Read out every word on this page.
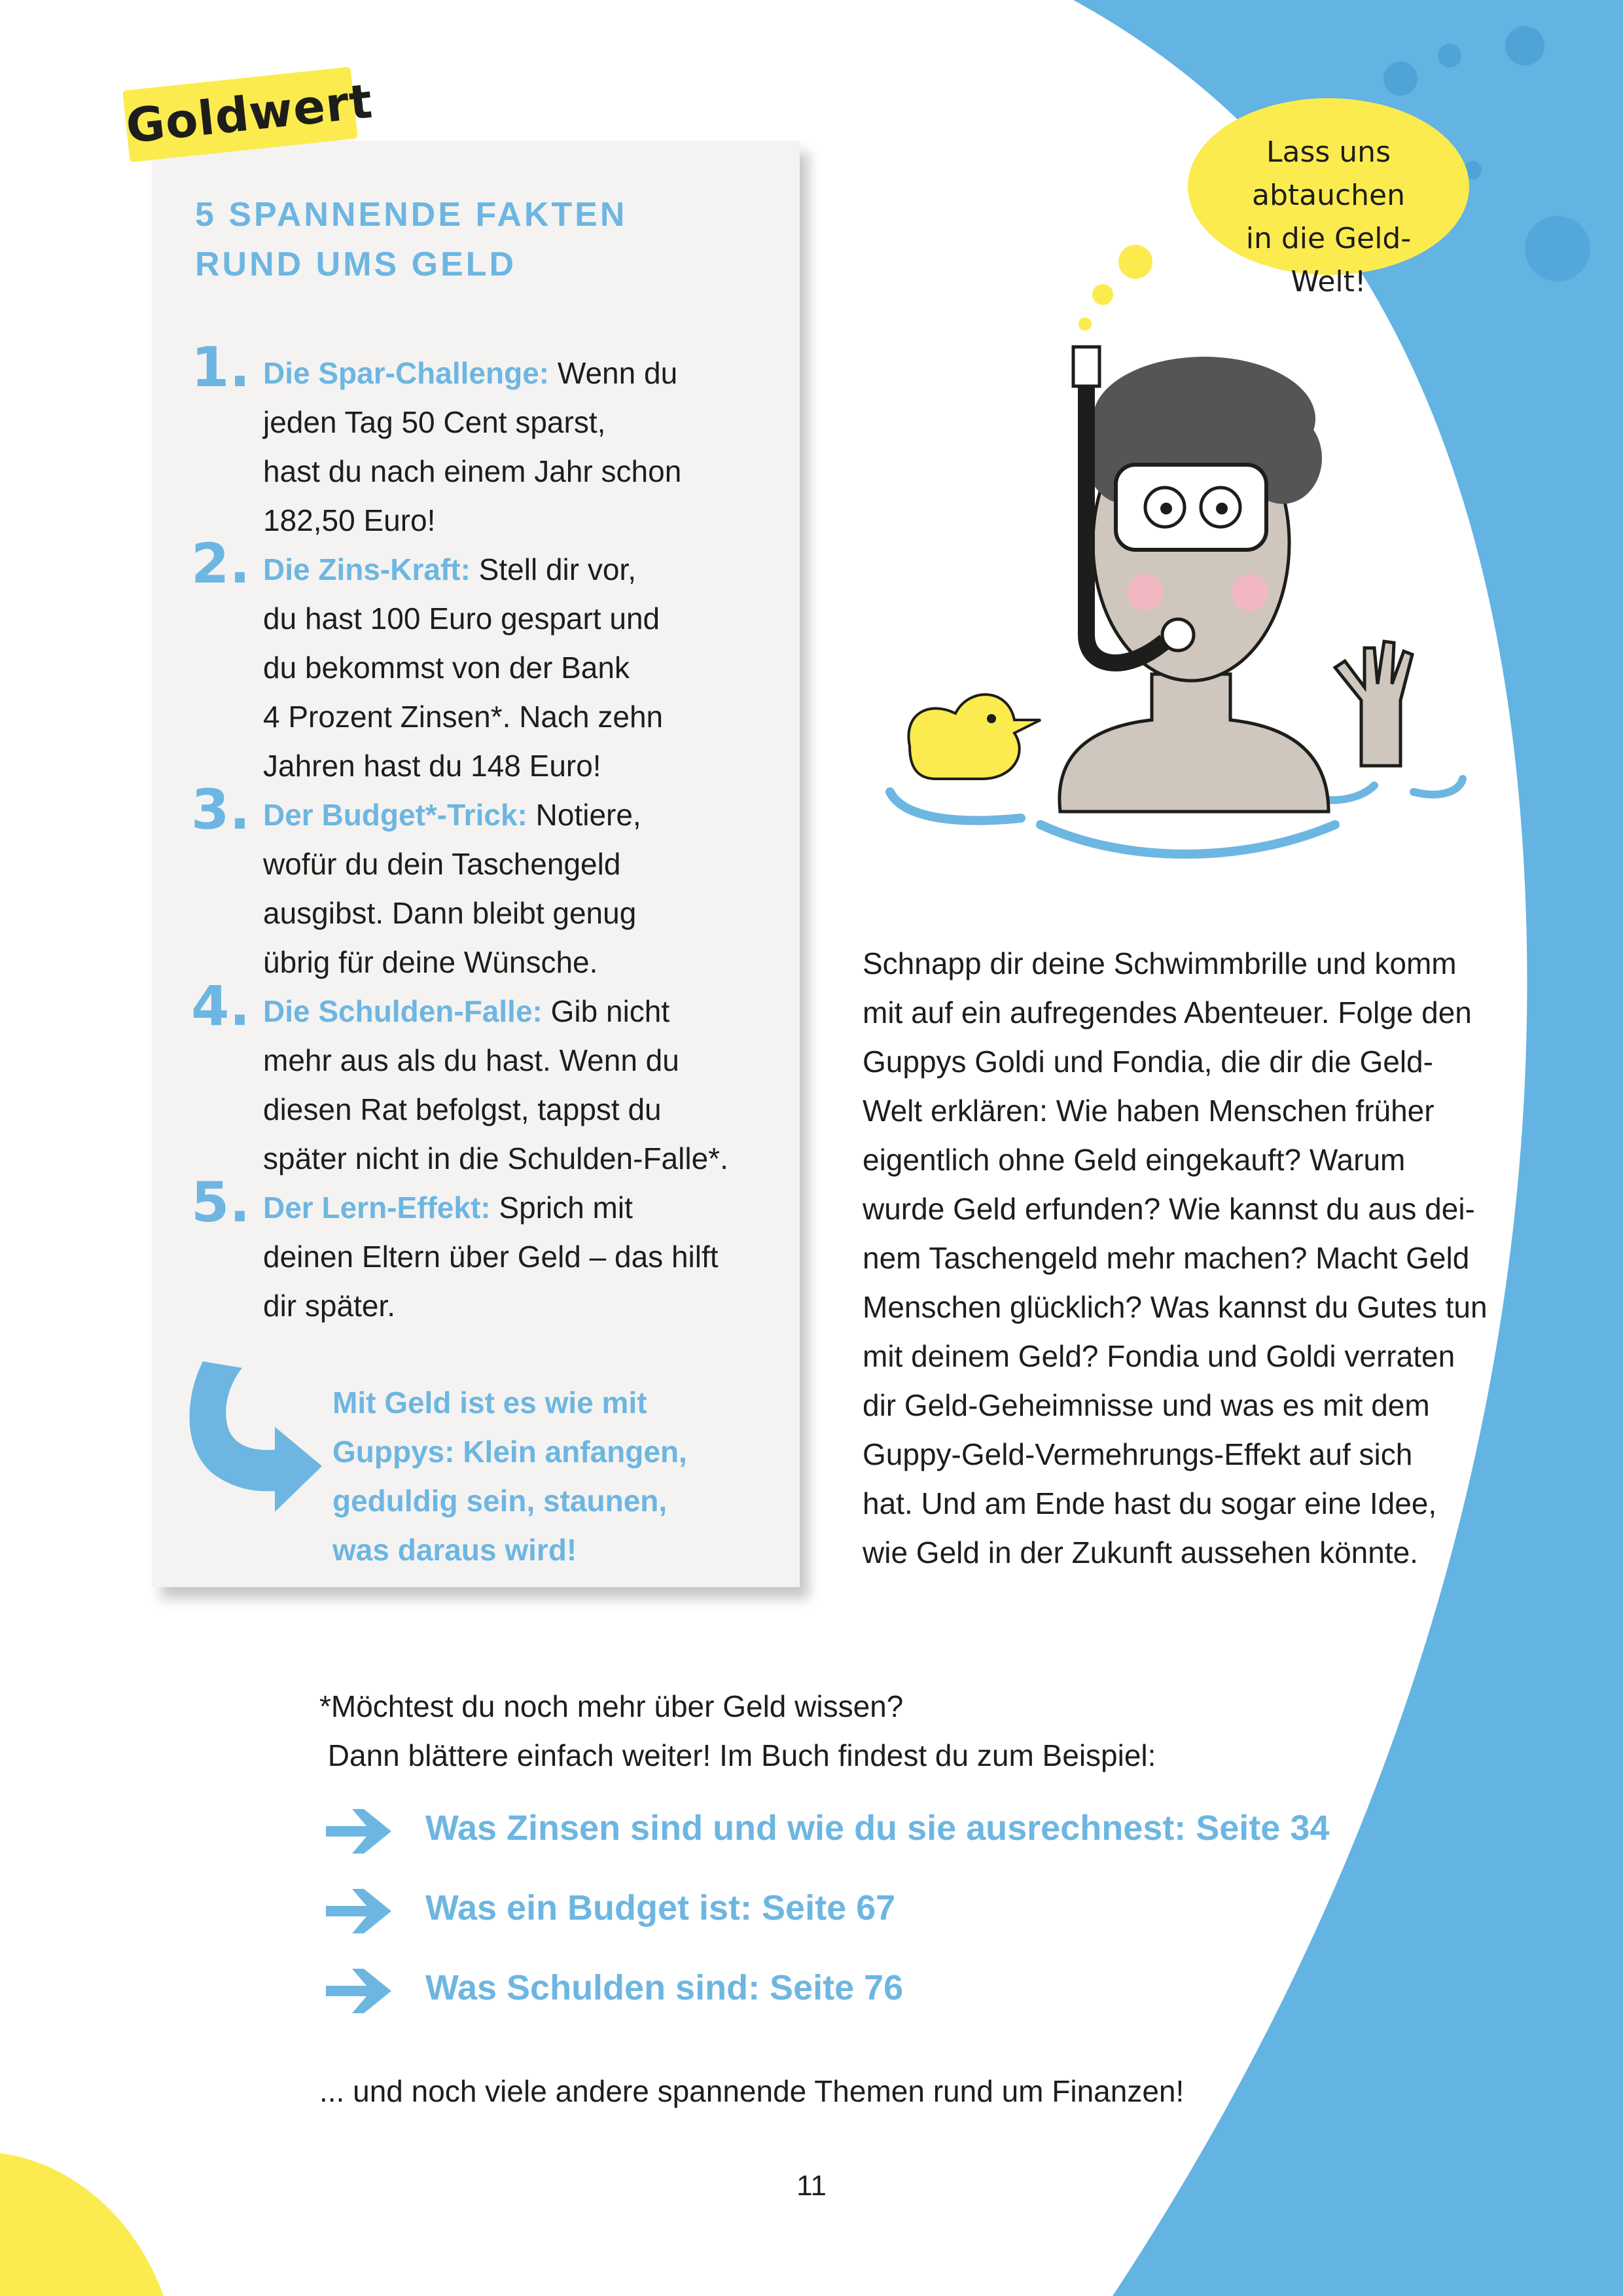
Goldwert
5 SPANNENDE FAKTEN
RUND UMS GELD
1. Die Spar-Challenge: Wenn du
jeden Tag 50 Cent sparst,
hast du nach einem Jahr schon
182,50 Euro!
2. Die Zins-Kraft: Stell dir vor,
du hast 100 Euro gespart und
du bekommst von der Bank
4 Prozent Zinsen*. Nach zehn
Jahren hast du 148 Euro!
3. Der Budget*-Trick: Notiere,
wofür du dein Taschengeld
ausgibst. Dann bleibt genug
übrig für deine Wünsche.
4. Die Schulden-Falle: Gib nicht
mehr aus als du hast. Wenn du
diesen Rat befolgst, tappst du
später nicht in die Schulden-Falle*.
5. Der Lern-Effekt: Sprich mit
deinen Eltern über Geld – das hilft
dir später.
Mit Geld ist es wie mit
Guppys: Klein anfangen,
geduldig sein, staunen,
was daraus wird!
Lass uns
abtauchen
in die Geld-Welt!
Schnapp dir deine Schwimmbrille und komm
mit auf ein aufregendes Abenteuer. Folge den
Guppys Goldi und Fondia, die dir die Geld-
Welt erklären: Wie haben Menschen früher
eigentlich ohne Geld eingekauft? Warum
wurde Geld erfunden? Wie kannst du aus dei-
nem Taschengeld mehr machen? Macht Geld
Menschen glücklich? Was kannst du Gutes tun
mit deinem Geld? Fondia und Goldi verraten
dir Geld-Geheimnisse und was es mit dem
Guppy-Geld-Vermehrungs-Effekt auf sich
hat. Und am Ende hast du sogar eine Idee,
wie Geld in der Zukunft aussehen könnte.
*Möchtest du noch mehr über Geld wissen?
Dann blättere einfach weiter! Im Buch findest du zum Beispiel:
Was Zinsen sind und wie du sie ausrechnest: Seite 34
Was ein Budget ist: Seite 67
Was Schulden sind: Seite 76
... und noch viele andere spannende Themen rund um Finanzen!
11
